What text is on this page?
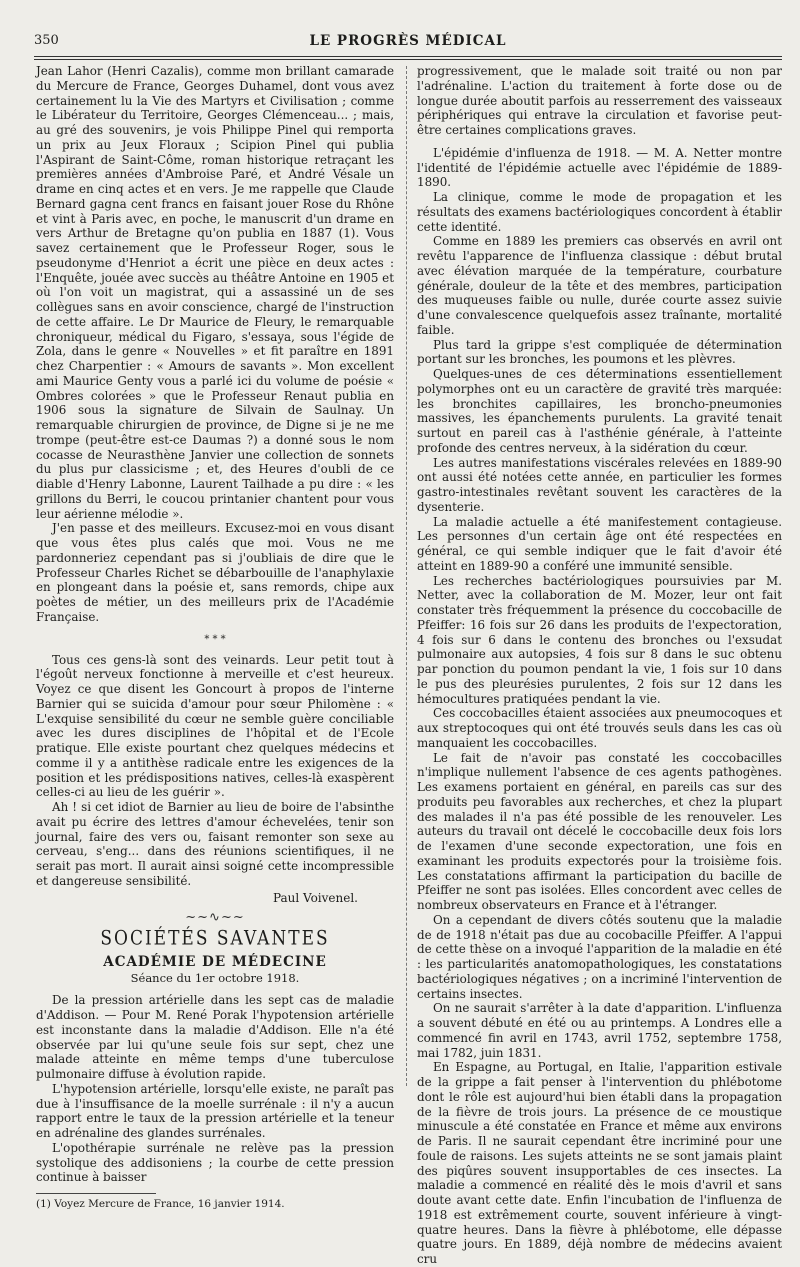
350	LE PROGRÈS MÉDICAL

Jean Lahor (Henri Cazalis), comme mon brillant camarade du Mercure de France, Georges Duhamel, dont vous avez certainement lu la Vie des Martyrs et Civilisation ; comme le Libérateur du Territoire, Georges Clémenceau... ; mais, au gré des souvenirs, je vois Philippe Pinel qui remporta un prix au Jeux Floraux ; Scipion Pinel qui publia l'Aspirant de Saint-Côme, roman historique retraçant les premières années d'Ambroise Paré, et André Vésale un drame en cinq actes et en vers. Je me rappelle que Claude Bernard gagna cent francs en faisant jouer Rose du Rhône et vint à Paris avec, en poche, le manuscrit d'un drame en vers Arthur de Bretagne qu'on publia en 1887 (1). Vous savez certainement que le Professeur Roger, sous le pseudonyme d'Henriot a écrit une pièce en deux actes : l'Enquête, jouée avec succès au théâtre Antoine en 1905 et où l'on voit un magistrat, qui a assassiné un de ses collègues sans en avoir conscience, chargé de l'instruction de cette affaire. Le Dr Maurice de Fleury, le remarquable chroniqueur, médical du Figaro, s'essaya, sous l'égide de Zola, dans le genre « Nouvelles » et fit paraître en 1891 chez Charpentier : « Amours de savants ». Mon excellent ami Maurice Genty vous a parlé ici du volume de poésie « Ombres colorées » que le Professeur Renaut publia en 1906 sous la signature de Silvain de Saulnay. Un remarquable chirurgien de province, de Digne si je ne me trompe (peut-être est-ce Daumas ?) a donné sous le nom cocasse de Neurasthène Janvier une collection de sonnets du plus pur classicisme ; et, des Heures d'oubli de ce diable d'Henry Labonne, Laurent Tailhade a pu dire : « les grillons du Berri, le coucou printanier chantent pour vous leur aérienne mélodie ».

J'en passe et des meilleurs. Excusez-moi en vous disant que vous êtes plus calés que moi. Vous ne me pardonneriez cependant pas si j'oubliais de dire que le Professeur Charles Richet se débarbouille de l'anaphylaxie en plongeant dans la poésie et, sans remords, chipe aux poètes de métier, un des meilleurs prix de l'Académie Française.

* * *

Tous ces gens-là sont des veinards. Leur petit tout à l'égoût nerveux fonctionne à merveille et c'est heureux. Voyez ce que disent les Goncourt à propos de l'interne Barnier qui se suicida d'amour pour sœur Philomène : « L'exquise sensibilité du cœur ne semble guère conciliable avec les dures disciplines de l'hôpital et de l'Ecole pratique. Elle existe pourtant chez quelques médecins et comme il y a antithèse radicale entre les exigences de la position et les prédispositions natives, celles-là exaspèrent celles-ci au lieu de les guérir ».

Ah ! si cet idiot de Barnier au lieu de boire de l'absinthe avait pu écrire des lettres d'amour échevelées, tenir son journal, faire des vers ou, faisant remonter son sexe au cerveau, s'eng... dans des réunions scientifiques, il ne serait pas mort. Il aurait ainsi soigné cette incompressible et dangereuse sensibilité.

Paul Voivenel.
~~∿~~
SOCIÉTÉS SAVANTES
ACADÉMIE DE MÉDECINE
Séance du 1er octobre 1918.

De la pression artérielle dans les sept cas de maladie d'Addison. — Pour M. René Porak l'hypotension artérielle est inconstante dans la maladie d'Addison. Elle n'a été observée par lui qu'une seule fois sur sept, chez une malade atteinte en même temps d'une tuberculose pulmonaire diffuse à évolution rapide.

L'hypotension artérielle, lorsqu'elle existe, ne paraît pas due à l'insuffisance de la moelle surrénale : il n'y a aucun rapport entre le taux de la pression artérielle et la teneur en adrénaline des glandes surrénales.

L'opothérapie surrénale ne relève pas la pression systolique des addisoniens ; la courbe de cette pression continue à baisser

(1) Voyez Mercure de France, 16 janvier 1914.

progressivement, que le malade soit traité ou non par l'adrénaline. L'action du traitement à forte dose ou de longue durée aboutit parfois au resserrement des vaisseaux périphériques qui entrave la circulation et favorise peut-être certaines complications graves.

L'épidémie d'influenza de 1918. — M. A. Netter montre l'identité de l'épidémie actuelle avec l'épidémie de 1889-1890.

La clinique, comme le mode de propagation et les résultats des examens bactériologiques concordent à établir cette identité.

Comme en 1889 les premiers cas observés en avril ont revêtu l'apparence de l'influenza classique : début brutal avec élévation marquée de la température, courbature générale, douleur de la tête et des membres, participation des muqueuses faible ou nulle, durée courte assez suivie d'une convalescence quelquefois assez traînante, mortalité faible.

Plus tard la grippe s'est compliquée de détermination portant sur les bronches, les poumons et les plèvres.

Quelques-unes de ces déterminations essentiellement polymorphes ont eu un caractère de gravité très marquée: les bronchites capillaires, les broncho-pneumonies massives, les épanchements purulents. La gravité tenait surtout en pareil cas à l'asthénie générale, à l'atteinte profonde des centres nerveux, à la sidération du cœur.

Les autres manifestations viscérales relevées en 1889-90 ont aussi été notées cette année, en particulier les formes gastro-intestinales revêtant souvent les caractères de la dysenterie.

La maladie actuelle a été manifestement contagieuse. Les personnes d'un certain âge ont été respectées en général, ce qui semble indiquer que le fait d'avoir été atteint en 1889-90 a conféré une immunité sensible.

Les recherches bactériologiques poursuivies par M. Netter, avec la collaboration de M. Mozer, leur ont fait constater très fréquemment la présence du coccobacille de Pfeiffer: 16 fois sur 26 dans les produits de l'expectoration, 4 fois sur 6 dans le contenu des bronches ou l'exsudat pulmonaire aux autopsies, 4 fois sur 8 dans le suc obtenu par ponction du poumon pendant la vie, 1 fois sur 10 dans le pus des pleurésies purulentes, 2 fois sur 12 dans les hémocultures pratiquées pendant la vie.

Ces coccobacilles étaient associées aux pneumocoques et aux streptocoques qui ont été trouvés seuls dans les cas où manquaient les coccobacilles.

Le fait de n'avoir pas constaté les coccobacilles n'implique nullement l'absence de ces agents pathogènes. Les examens portaient en général, en pareils cas sur des produits peu favorables aux recherches, et chez la plupart des malades il n'a pas été possible de les renouveler. Les auteurs du travail ont décelé le coccobacille deux fois lors de l'examen d'une seconde expectoration, une fois en examinant les produits expectorés pour la troisième fois. Les constatations affirmant la participation du bacille de Pfeiffer ne sont pas isolées. Elles concordent avec celles de nombreux observateurs en France et à l'étranger.

On a cependant de divers côtés soutenu que la maladie de de 1918 n'était pas due au cocobacille Pfeiffer. A l'appui de cette thèse on a invoqué l'apparition de la maladie en été : les particularités anatomopathologiques, les constatations bactériologiques négatives ; on a incriminé l'intervention de certains insectes.

On ne saurait s'arrêter à la date d'apparition. L'influenza a souvent débuté en été ou au printemps. A Londres elle a commencé fin avril en 1743, avril 1752, septembre 1758, mai 1782, juin 1831.

En Espagne, au Portugal, en Italie, l'apparition estivale de la grippe a fait penser à l'intervention du phlébotome dont le rôle est aujourd'hui bien établi dans la propagation de la fièvre de trois jours. La présence de ce moustique minuscule a été constatée en France et même aux environs de Paris. Il ne saurait cependant être incriminé pour une foule de raisons. Les sujets atteints ne se sont jamais plaint des piqûres souvent insupportables de ces insectes. La maladie a commencé en réalité dès le mois d'avril et sans doute avant cette date. Enfin l'incubation de l'influenza de 1918 est extrêmement courte, souvent inférieure à vingt-quatre heures. Dans la fièvre à phlébotome, elle dépasse quatre jours. En 1889, déjà nombre de médecins avaient cru
